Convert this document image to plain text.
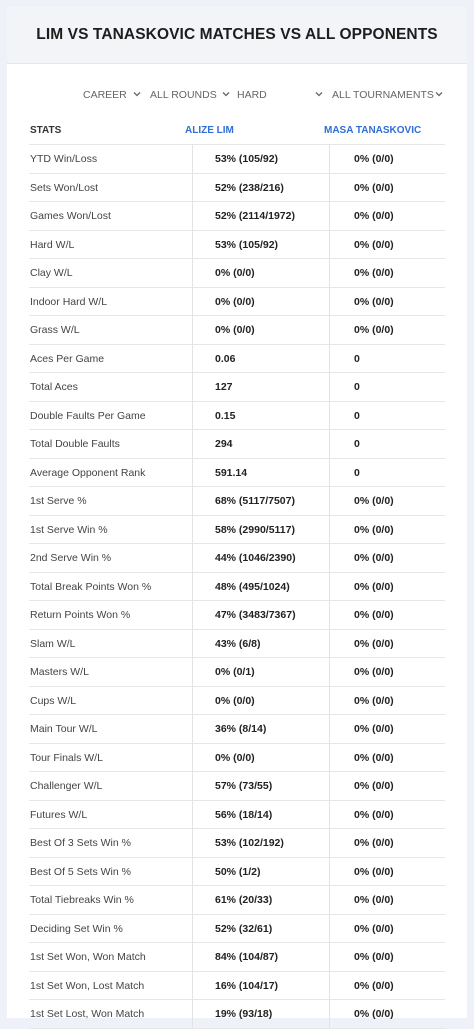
LIM VS TANASKOVIC MATCHES VS ALL OPPONENTS
CAREER ALL ROUNDS HARD	ALL TOURNAMENTS
STATS	ALIZE LIM	MASA TANASKOVIC
YTD Win/Loss	53% (105/92)	0% (0/0)
Sets Won/Lost	52% (238/216)	0% (0/0)
Games Won/Lost	52% (2114/1972)	0% (0/0)
Hard W/L	53% (105/92)	0% (0/0)
Clay W/L	0% (0/0)	0% (0/0)
Indoor Hard W/L	0% (0/0)	0% (0/0)
Grass W/L	0% (0/0)	0% (0/0)
Aces Per Game	0.06	0
Total Aces	127	0
Double Faults Per Game	0.15	0
Total Double Faults	294	0
Average Opponent Rank	591.14	0
1st Serve %	68% (5117/7507)	0% (0/0)
1st Serve Win %	58% (2990/5117)	0% (0/0)
2nd Serve Win %	44% (1046/2390)	0% (0/0)
Total Break Points Won %	48% (495/1024)	0% (0/0)
Return Points Won %	47% (3483/7367)	0% (0/0)
Slam W/L	43% (6/8)	0% (0/0)
Masters W/L	0% (0/1)	0% (0/0)
Cups W/L	0% (0/0)	0% (0/0)
Main Tour W/L	36% (8/14)	0% (0/0)
Tour Finals W/L	0% (0/0)	0% (0/0)
Challenger W/L	57% (73/55)	0% (0/0)
Futures W/L	56% (18/14)	0% (0/0)
Best Of 3 Sets Win %	53% (102/192)	0% (0/0)
Best Of 5 Sets Win %	50% (1/2)	0% (0/0)
Total Tiebreaks Win %	61% (20/33)	0% (0/0)
Deciding Set Win %	52% (32/61)	0% (0/0)
1st Set Won, Won Match	84% (104/87)	0% (0/0)
1st Set Won, Lost Match	16% (104/17)	0% (0/0)
1st Set Lost, Won Match	19% (93/18)	0% (0/0)
